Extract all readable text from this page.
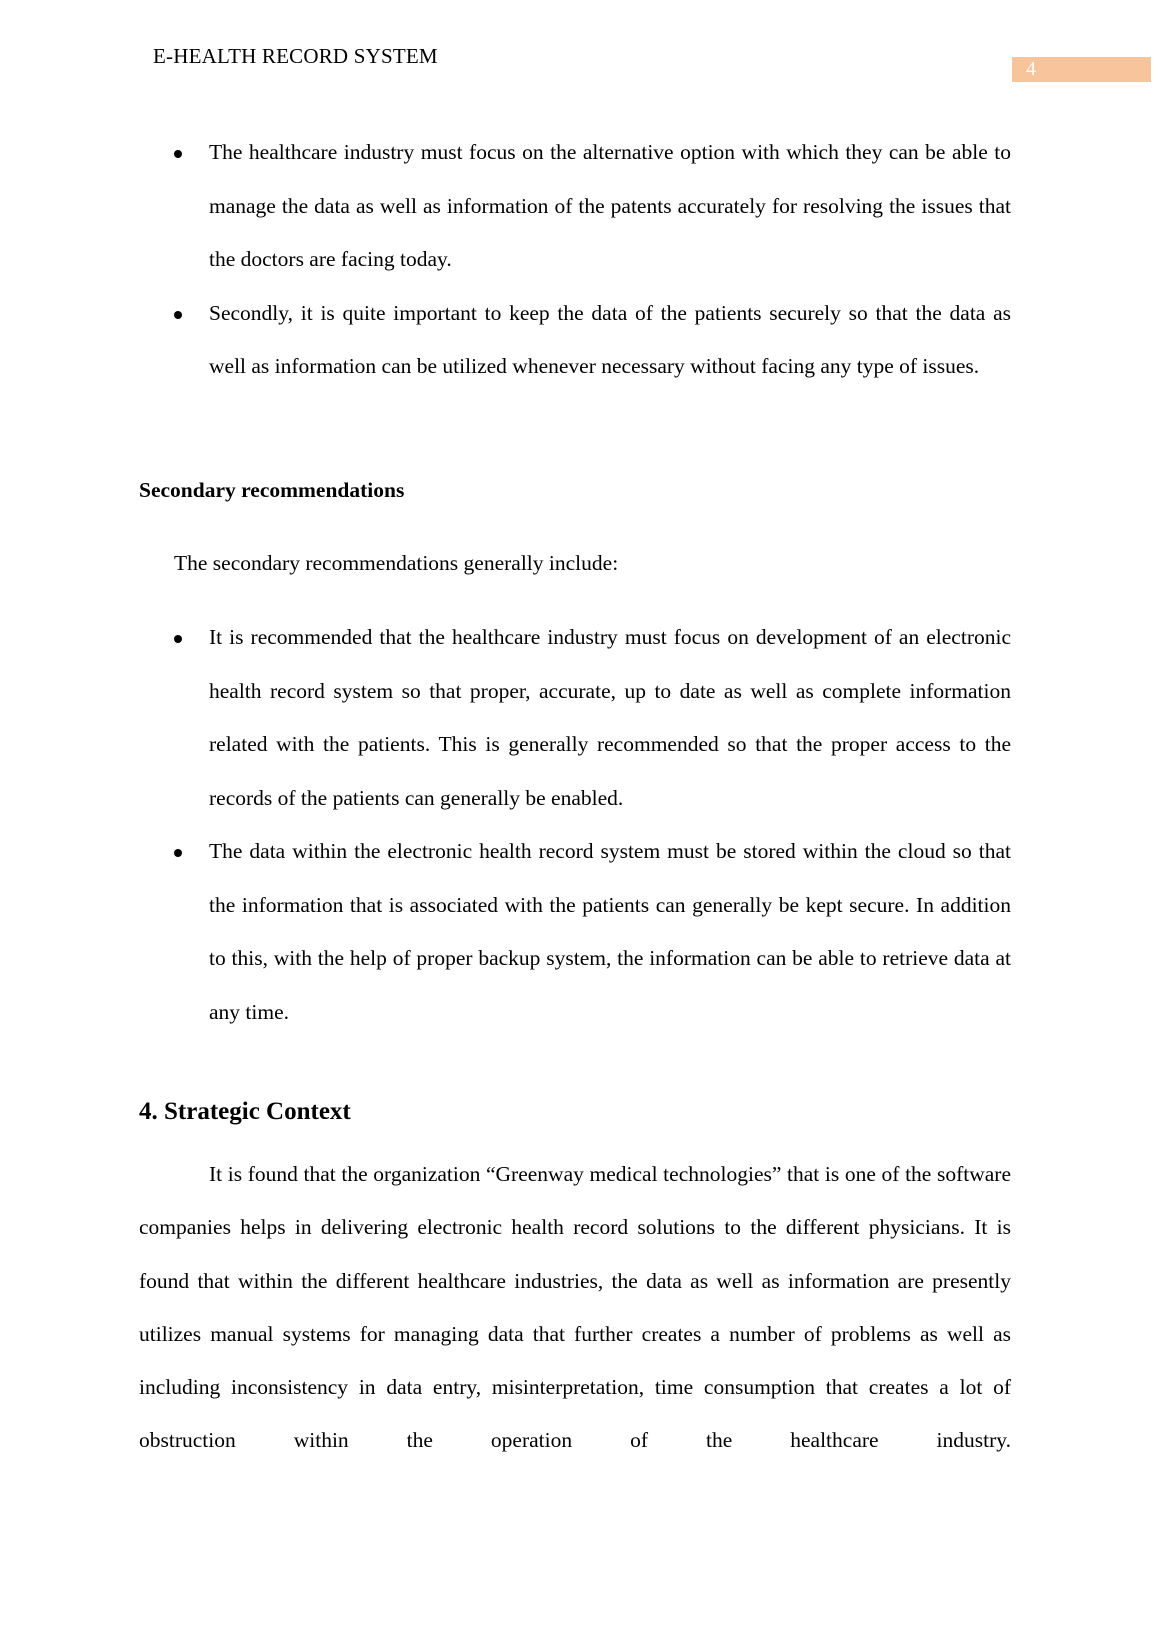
E-HEALTH RECORD SYSTEM
4
The healthcare industry must focus on the alternative option with which they can be able to manage the data as well as information of the patents accurately for resolving the issues that the doctors are facing today.
Secondly, it is quite important to keep the data of the patients securely so that the data as well as information can be utilized whenever necessary without facing any type of issues.
Secondary recommendations
The secondary recommendations generally include:
It is recommended that the healthcare industry must focus on development of an electronic health record system so that proper, accurate, up to date as well as complete information related with the patients. This is generally recommended so that the proper access to the records of the patients can generally be enabled.
The data within the electronic health record system must be stored within the cloud so that the information that is associated with the patients can generally be kept secure. In addition to this, with the help of proper backup system, the information can be able to retrieve data at any time.
4. Strategic Context

It is found that the organization “Greenway medical technologies” that is one of the software companies helps in delivering electronic health record solutions to the different physicians. It is found that within the different healthcare industries, the data as well as information are presently utilizes manual systems for managing data that further creates a number of problems as well as including inconsistency in data entry, misinterpretation, time consumption that creates a lot of obstruction within the operation of the healthcare industry.
